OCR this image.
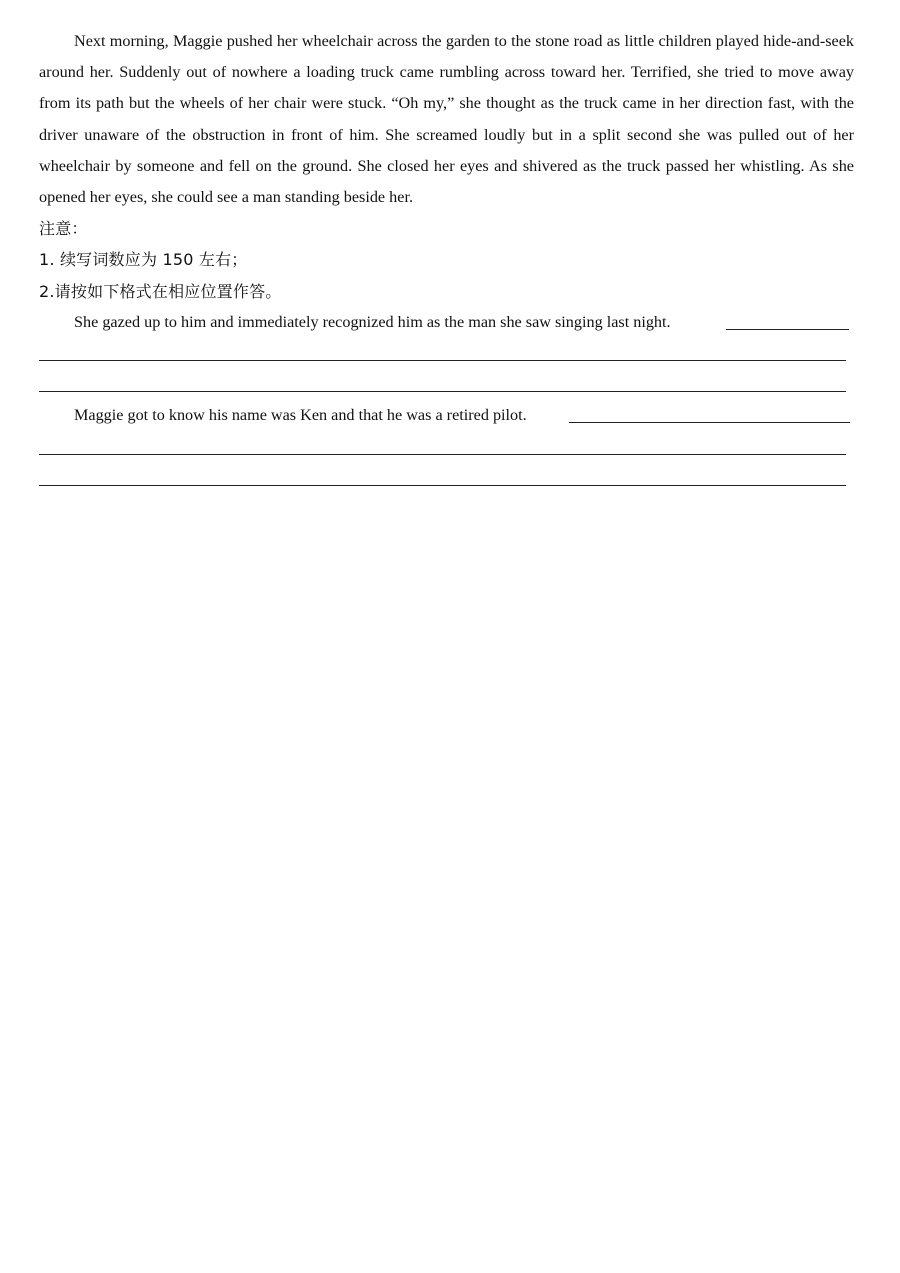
Next morning, Maggie pushed her wheelchair across the garden to the stone road as little children played hide-and-seek around her. Suddenly out of nowhere a loading truck came rumbling across toward her. Terrified, she tried to move away from its path but the wheels of her chair were stuck. “Oh my,” she thought as the truck came in her direction fast, with the driver unaware of the obstruction in front of him. She screamed loudly but in a split second she was pulled out of her wheelchair by someone and fell on the ground. She closed her eyes and shivered as the truck passed her whistling. As she opened her eyes, she could see a man standing beside her.

注意：

1. 续写词数应为 150 左右；

2.请按如下格式在相应位置作答。

She gazed up to him and immediately recognized him as the man she saw singing last night.
Maggie got to know his name was Ken and that he was a retired pilot.
